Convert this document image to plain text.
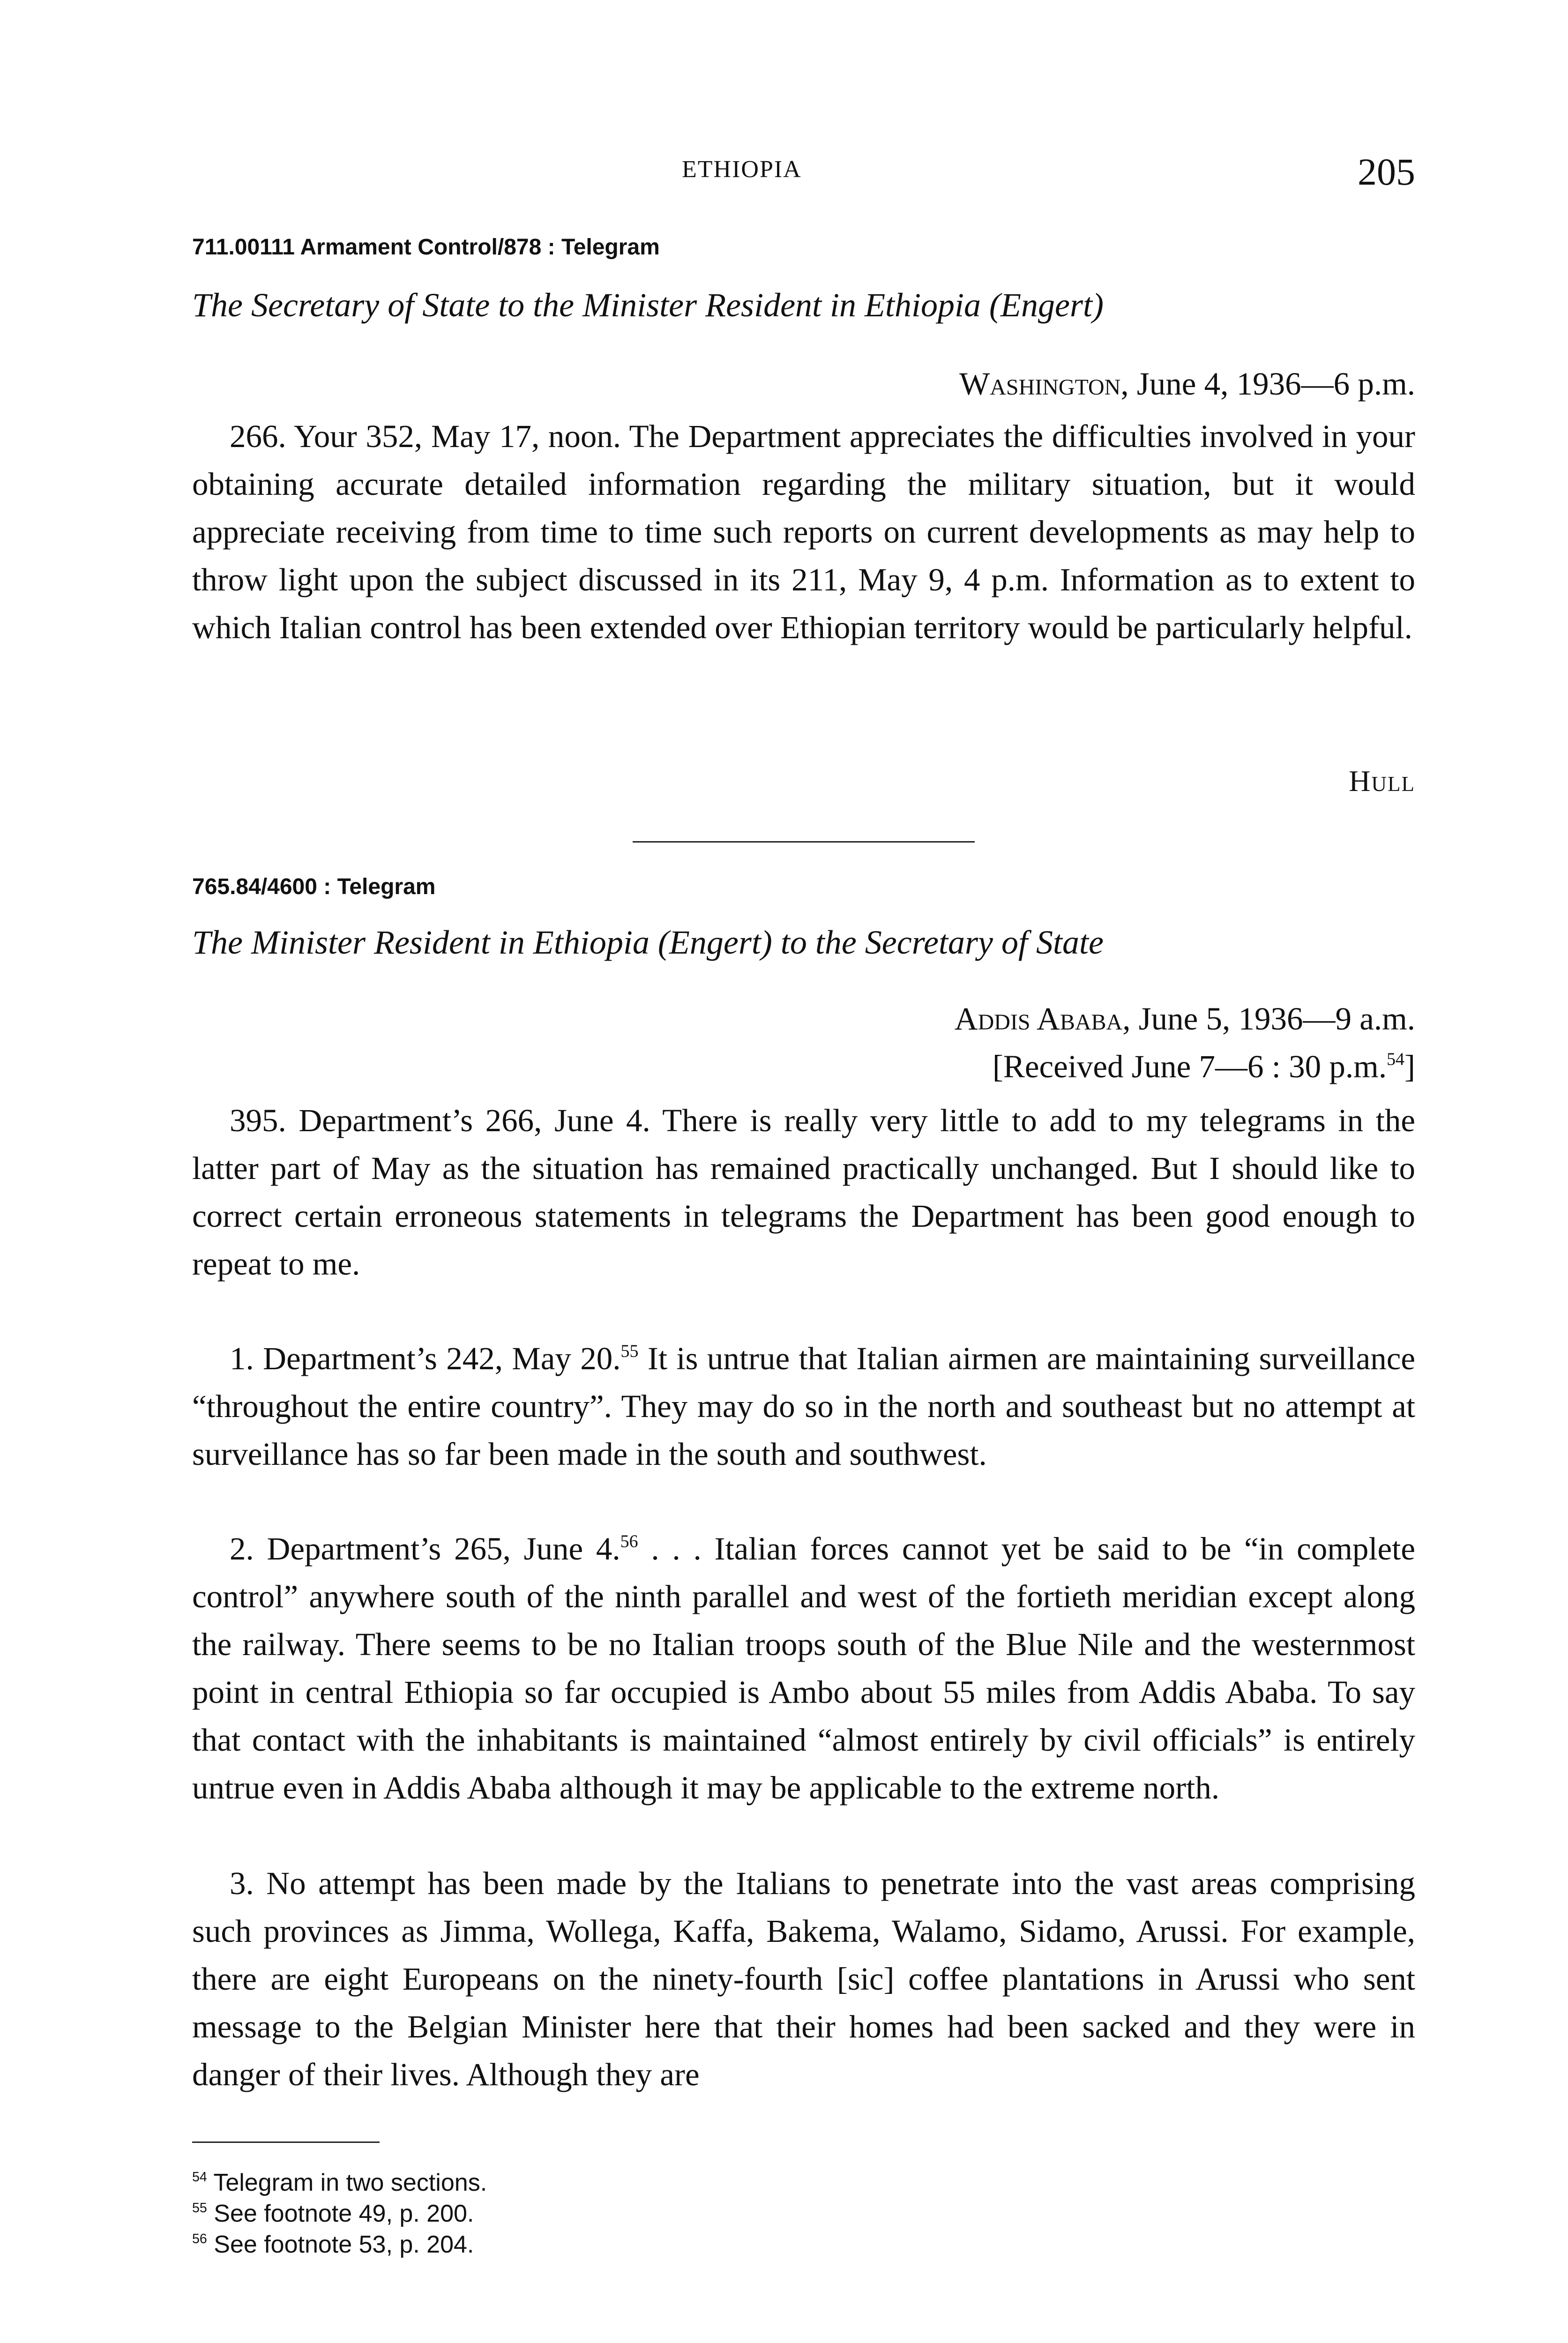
ETHIOPIA	205
711.00111 Armament Control/878 : Telegram
The Secretary of State to the Minister Resident in Ethiopia (Engert)
Washington, June 4, 1936—6 p.m.

266. Your 352, May 17, noon. The Department appreciates the difficulties involved in your obtaining accurate detailed information regarding the military situation, but it would appreciate receiving from time to time such reports on current developments as may help to throw light upon the subject discussed in its 211, May 9, 4 p.m. Information as to extent to which Italian control has been extended over Ethiopian territory would be particularly helpful.

Hull
765.84/4600 : Telegram
The Minister Resident in Ethiopia (Engert) to the Secretary of State
Addis Ababa, June 5, 1936—9 a.m.
[Received June 7—6 : 30 p.m.$^{54}$]

395. Department’s 266, June 4. There is really very little to add to my telegrams in the latter part of May as the situation has remained practically unchanged. But I should like to correct certain erroneous statements in telegrams the Department has been good enough to repeat to me.

1. Department’s 242, May 20.55 It is untrue that Italian airmen are maintaining surveillance “throughout the entire country”. They may do so in the north and southeast but no attempt at surveillance has so far been made in the south and southwest.

2. Department’s 265, June 4.56 . . . Italian forces cannot yet be said to be “in complete control” anywhere south of the ninth parallel and west of the fortieth meridian except along the railway. There seems to be no Italian troops south of the Blue Nile and the westernmost point in central Ethiopia so far occupied is Ambo about 55 miles from Addis Ababa. To say that contact with the inhabitants is maintained “almost entirely by civil officials” is entirely untrue even in Addis Ababa although it may be applicable to the extreme north.

3. No attempt has been made by the Italians to penetrate into the vast areas comprising such provinces as Jimma, Wollega, Kaffa, Bakema, Walamo, Sidamo, Arussi. For example, there are eight Europeans on the ninety-fourth [sic] coffee plantations in Arussi who sent message to the Belgian Minister here that their homes had been sacked and they were in danger of their lives. Although they are

$^{54}$ Telegram in two sections.
$^{55}$ See footnote 49, p. 200.
$^{56}$ See footnote 53, p. 204.
